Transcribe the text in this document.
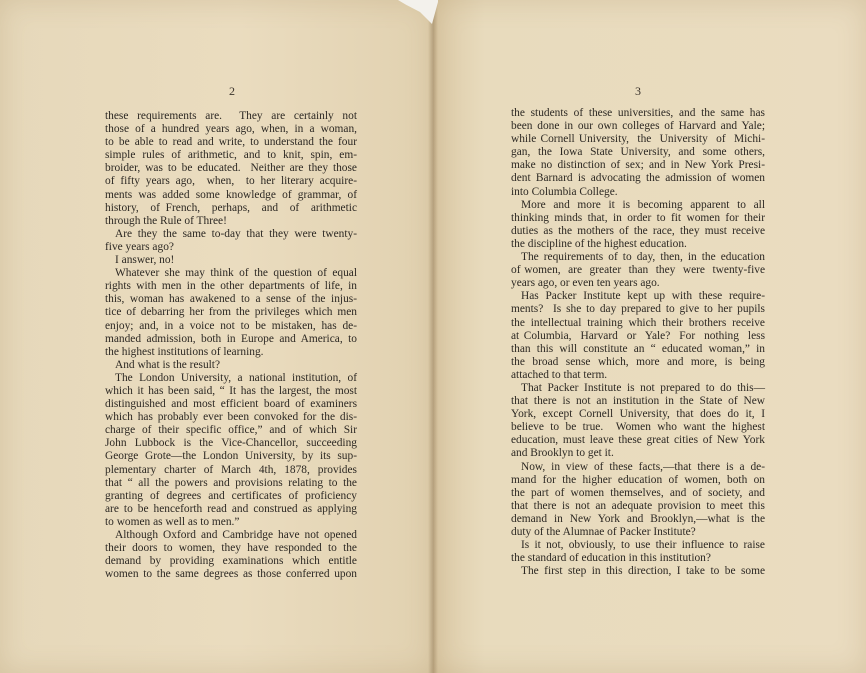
2	3
these requirements are.  They are certainly not
those of a hundred years ago, when, in a woman,
to be able to read and write, to understand the four
simple rules of arithmetic, and to knit, spin, em-
broider, was to be educated.  Neither are they those
of fifty years ago,  when,  to her literary acquire-
ments was added some knowledge of grammar, of
history,  of French,  perhaps,  and  of  arithmetic
through the Rule of Three!
Are they the same to-day that they were twenty-
five years ago?
I answer, no!
Whatever she may think of the question of equal
rights with men in the other departments of life, in
this, woman has awakened to a sense of the injus-
tice of debarring her from the privileges which men
enjoy; and, in a voice not to be mistaken, has de-
manded admission, both in Europe and America, to
the highest institutions of learning.
And what is the result?
The London University, a national institution, of
which it has been said, “ It has the largest, the most
distinguished and most efficient board of examiners
which has probably ever been convoked for the dis-
charge of their specific office,” and of which Sir
John Lubbock is the Vice-Chancellor, succeeding
George Grote—the London University, by its sup-
plementary charter of March 4th, 1878, provides
that “ all the powers and provisions relating to the
granting of degrees and certificates of proficiency
are to be henceforth read and construed as applying
to women as well as to men.”
Although Oxford and Cambridge have not opened
their doors to women, they have responded to the
demand by providing examinations which entitle
women to the same degrees as those conferred upon
the students of these universities, and the same has
been done in our own colleges of Harvard and Yale;
while Cornell University,  the  University  of  Michi-
gan,  the  Iowa  State  University,  and  some  others,
make no distinction of sex; and in New York Presi-
dent Barnard is advocating the admission of women
into Columbia College.
More and more it is becoming apparent to all
thinking minds that, in order to fit women for their
duties as the mothers of the race, they must receive
the discipline of the highest education.
The requirements of to day, then, in the education
of women,  are  greater  than  they  were  twenty-five
years ago, or even ten years ago.
Has Packer Institute kept up with these require-
ments?  Is she to day prepared to give to her pupils
the intellectual training which their brothers receive
at Columbia,  Harvard  or  Yale?  For  nothing  less
than this will constitute an “ educated woman,” in
the  broad  sense  which,  more  and  more,  is  being
attached to that term.
That Packer Institute is not prepared to do this—
that there is not an institution in the State of New
York,  except  Cornell  University,  that  does  do  it,  I
believe to be true.  Women who want the highest
education, must leave these great cities of New York
and Brooklyn to get it.
Now, in view of these facts,—that there is a de-
mand for the higher education of women, both on
the part of women themselves, and of society, and
that there is not an adequate provision to meet this
demand in New York and Brooklyn,—what is the
duty of the Alumnae of Packer Institute?
Is it not, obviously, to use their influence to raise
the standard of education in this institution?
The first step in this direction, I take to be some
